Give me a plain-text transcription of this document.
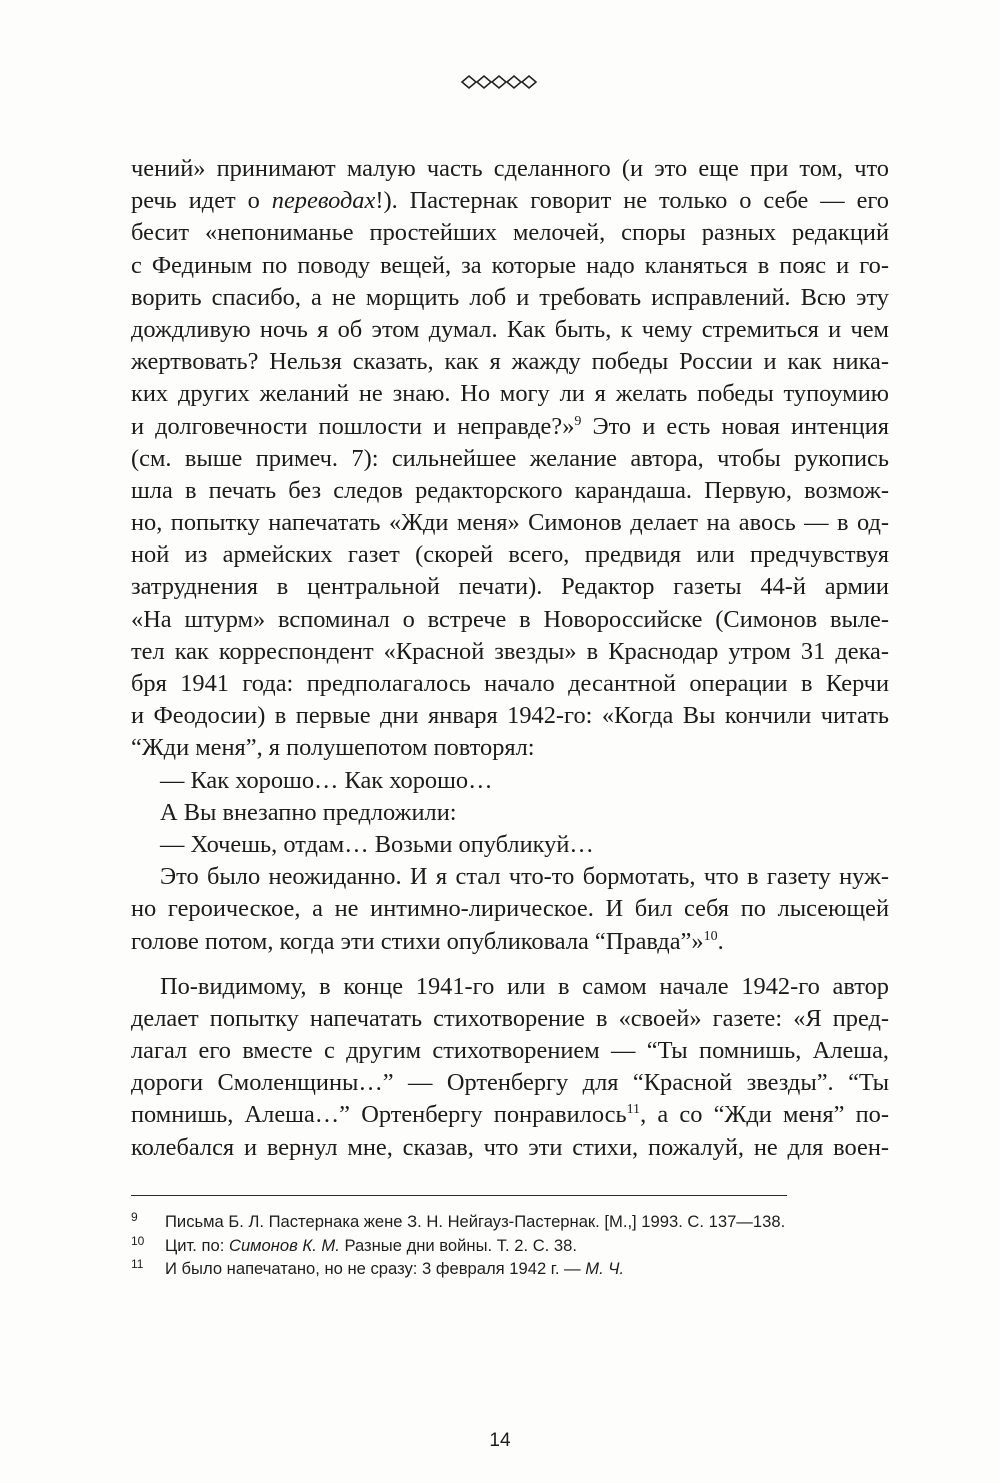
чений» принимают малую часть сделанного (и это еще при том, что
речь идет о переводах!). Пастернак говорит не только о себе — его
бесит «непониманье простейших мелочей, споры разных редакций
с Фединым по поводу вещей, за которые надо кланяться в пояс и го-
ворить спасибо, а не морщить лоб и требовать исправлений. Всю эту
дождливую ночь я об этом думал. Как быть, к чему стремиться и чем
жертвовать? Нельзя сказать, как я жажду победы России и как ника-
ких других желаний не знаю. Но могу ли я желать победы тупоумию
и долговечности пошлости и неправде?»$^9$ Это и есть новая интенция
(см. выше примеч. 7): сильнейшее желание автора, чтобы рукопись
шла в печать без следов редакторского карандаша. Первую, возмож-
но, попытку напечатать «Жди меня» Симонов делает на авось — в од-
ной из армейских газет (скорей всего, предвидя или предчувствуя
затруднения в центральной печати). Редактор газеты 44-й армии
«На штурм» вспоминал о встрече в Новороссийске (Симонов выле-
тел как корреспондент «Красной звезды» в Краснодар утром 31 дека-
бря 1941 года: предполагалось начало десантной операции в Керчи
и Феодосии) в первые дни января 1942-го: «Когда Вы кончили читать
“Жди меня”, я полушепотом повторял:
— Как хорошо… Как хорошо…
А Вы внезапно предложили:
— Хочешь, отдам… Возьми опубликуй…
Это было неожиданно. И я стал что-то бормотать, что в газету нуж-
но героическое, а не интимно-лирическое. И бил себя по лысеющей
голове потом, когда эти стихи опубликовала “Правда”»$^{10}$.
По-видимому, в конце 1941-го или в самом начале 1942-го автор
делает попытку напечатать стихотворение в «своей» газете: «Я пред-
лагал его вместе с другим стихотворением — “Ты помнишь, Алеша,
дороги Смоленщины…” — Ортенбергу для “Красной звезды”. “Ты
помнишь, Алеша…” Ортенбергу понравилось$^{11}$, а со “Жди меня” по-
колебался и вернул мне, сказав, что эти стихи, пожалуй, не для воен-
9	Письма Б. Л. Пастернака жене З. Н. Нейгауз-Пастернак. [М.,] 1993. С. 137—138.
10	Цит. по: Симонов К. М. Разные дни войны. Т. 2. С. 38.
11	И было напечатано, но не сразу: 3 февраля 1942 г. — М. Ч.
14
